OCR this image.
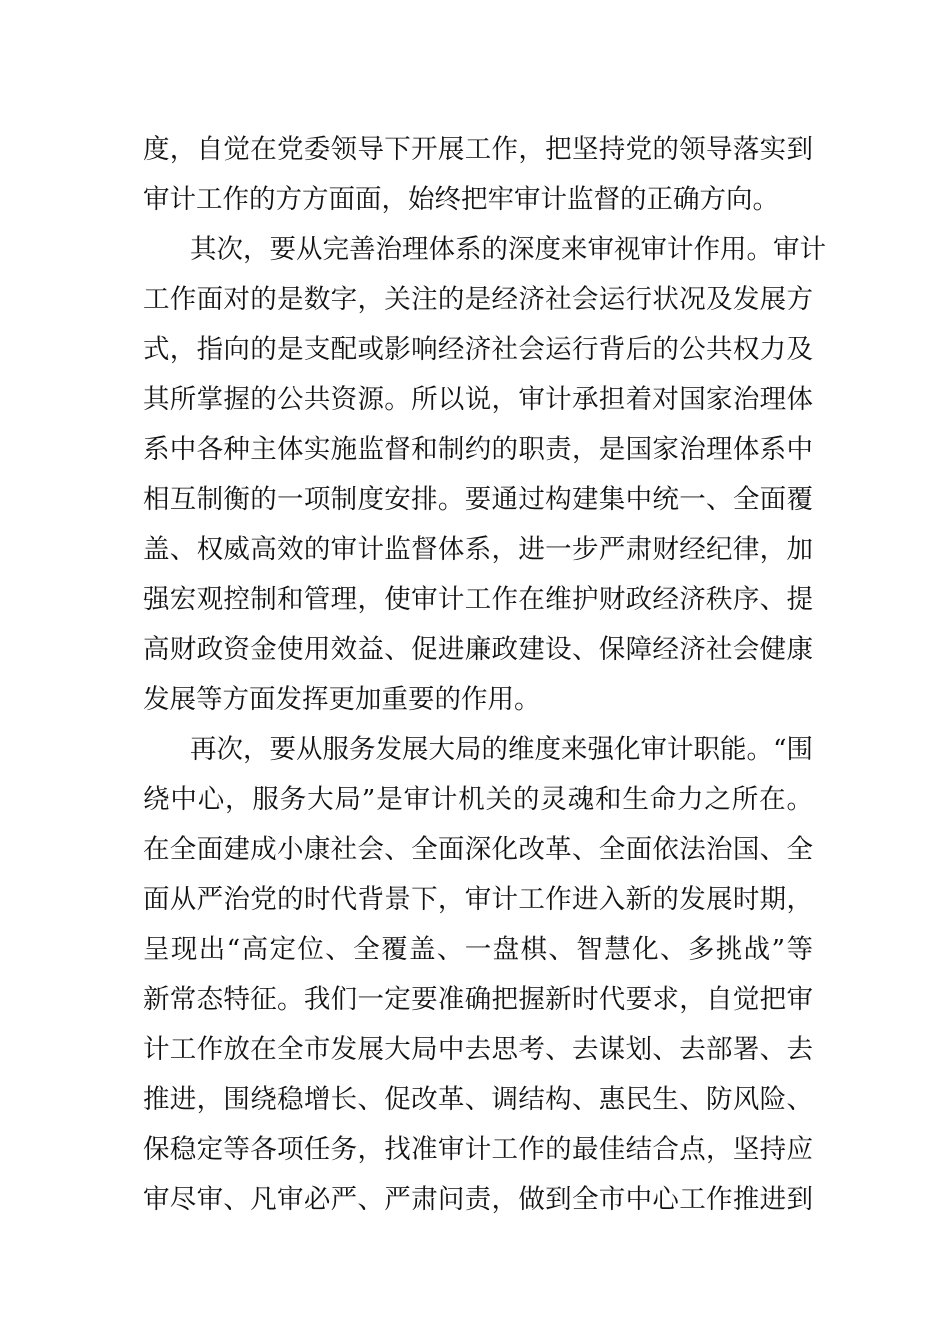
度，自觉在党委领导下开展工作，把坚持党的领导落实到
审计工作的方方面面，始终把牢审计监督的正确方向。
其次，要从完善治理体系的深度来审视审计作用。审计
工作面对的是数字，关注的是经济社会运行状况及发展方
式，指向的是支配或影响经济社会运行背后的公共权力及
其所掌握的公共资源。所以说，审计承担着对国家治理体
系中各种主体实施监督和制约的职责，是国家治理体系中
相互制衡的一项制度安排。要通过构建集中统一、全面覆
盖、权威高效的审计监督体系，进一步严肃财经纪律，加
强宏观控制和管理，使审计工作在维护财政经济秩序、提
高财政资金使用效益、促进廉政建设、保障经济社会健康
发展等方面发挥更加重要的作用。
再次，要从服务发展大局的维度来强化审计职能。“围
绕中心，服务大局”是审计机关的灵魂和生命力之所在。
在全面建成小康社会、全面深化改革、全面依法治国、全
面从严治党的时代背景下，审计工作进入新的发展时期，
呈现出“高定位、全覆盖、一盘棋、智慧化、多挑战”等
新常态特征。我们一定要准确把握新时代要求，自觉把审
计工作放在全市发展大局中去思考、去谋划、去部署、去
推进，围绕稳增长、促改革、调结构、惠民生、防风险、
保稳定等各项任务，找准审计工作的最佳结合点，坚持应
审尽审、凡审必严、严肃问责，做到全市中心工作推进到
